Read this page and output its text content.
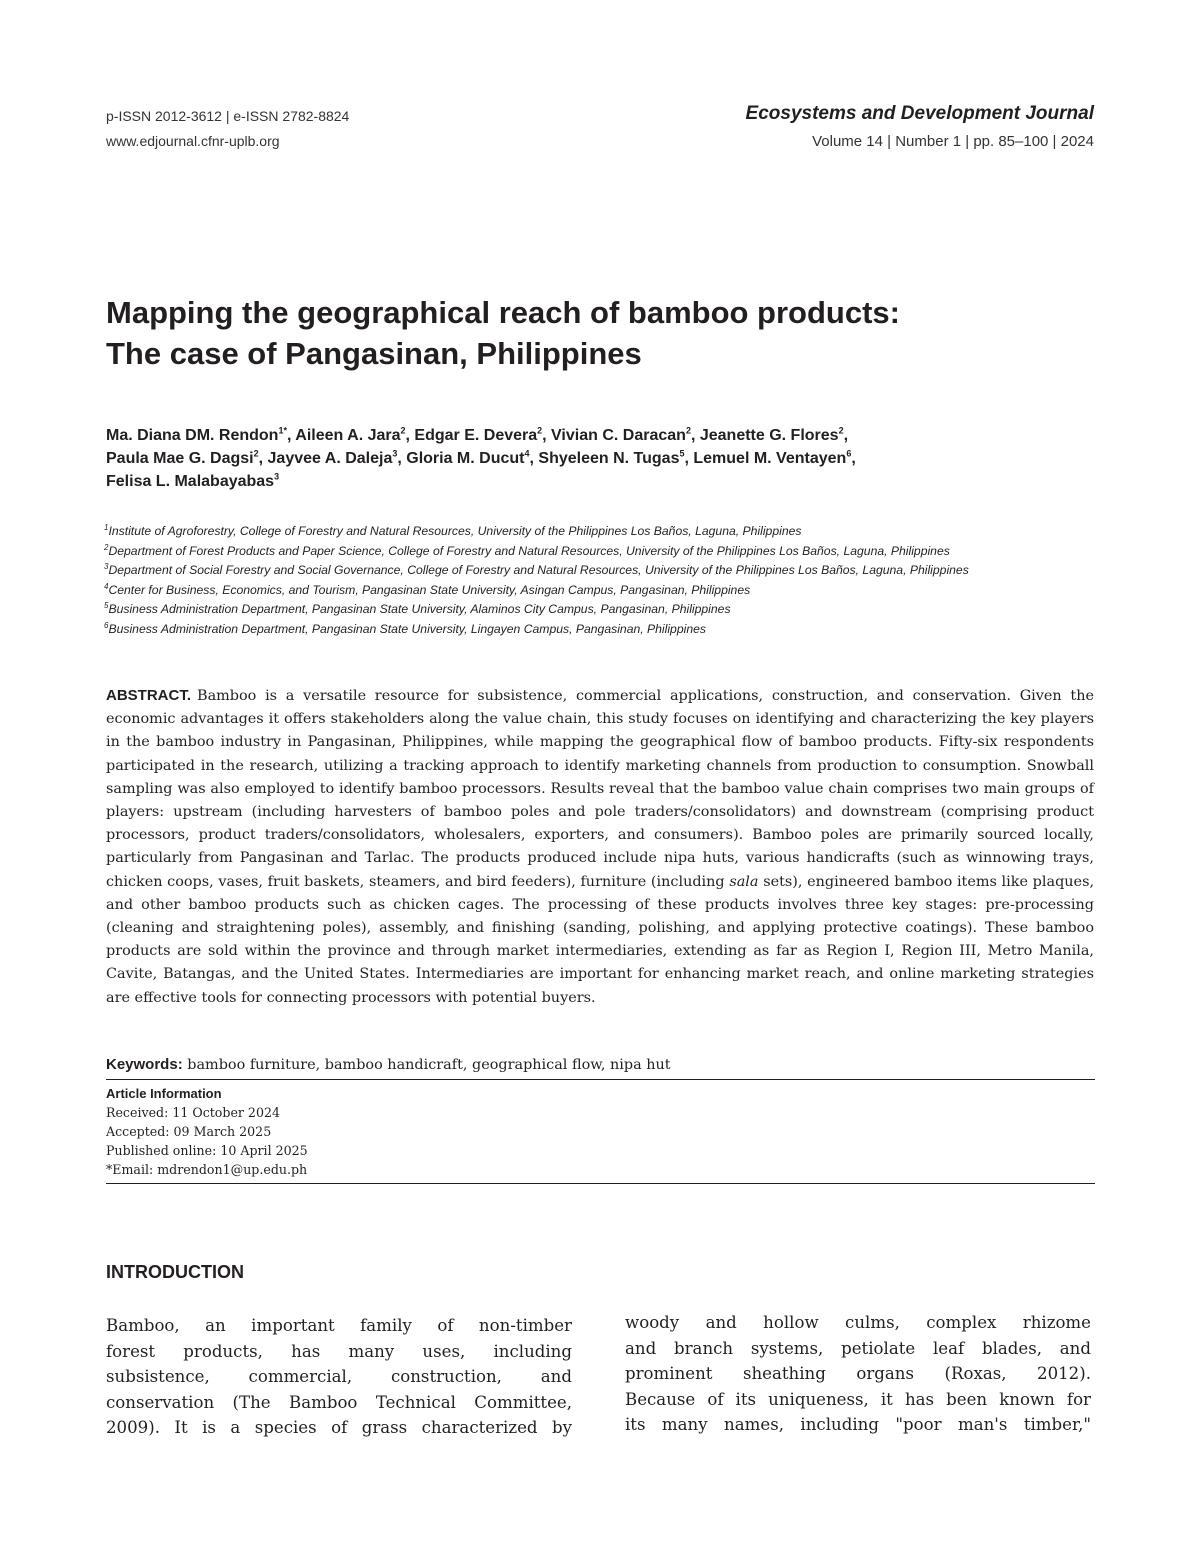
p-ISSN 2012-3612 | e-ISSN 2782-8824
www.edjournal.cfnr-uplb.org
Ecosystems and Development Journal
Volume 14 | Number 1 | pp. 85–100 | 2024
Mapping the geographical reach of bamboo products:
The case of Pangasinan, Philippines
Ma. Diana DM. Rendon$^{1*}$, Aileen A. Jara$^2$, Edgar E. Devera$^2$, Vivian C. Daracan$^2$, Jeanette G. Flores$^2$,
Paula Mae G. Dagsi$^2$, Jayvee A. Daleja$^3$, Gloria M. Ducut$^4$, Shyeleen N. Tugas$^5$, Lemuel M. Ventayen$^6$,
Felisa L. Malabayabas$^3$
$^1$Institute of Agroforestry, College of Forestry and Natural Resources, University of the Philippines Los Baños, Laguna, Philippines
$^2$Department of Forest Products and Paper Science, College of Forestry and Natural Resources, University of the Philippines Los Baños, Laguna, Philippines
$^3$Department of Social Forestry and Social Governance, College of Forestry and Natural Resources, University of the Philippines Los Baños, Laguna, Philippines
$^4$Center for Business, Economics, and Tourism, Pangasinan State University, Asingan Campus, Pangasinan, Philippines
$^5$Business Administration Department, Pangasinan State University, Alaminos City Campus, Pangasinan, Philippines
$^6$Business Administration Department, Pangasinan State University, Lingayen Campus, Pangasinan, Philippines

ABSTRACT. Bamboo is a versatile resource for subsistence, commercial applications, construction, and conservation. Given the economic advantages it offers stakeholders along the value chain, this study focuses on identifying and characterizing the key players in the bamboo industry in Pangasinan, Philippines, while mapping the geographical flow of bamboo products. Fifty-six respondents participated in the research, utilizing a tracking approach to identify marketing channels from production to consumption. Snowball sampling was also employed to identify bamboo processors. Results reveal that the bamboo value chain comprises two main groups of players: upstream (including harvesters of bamboo poles and pole traders/consolidators) and downstream (comprising product processors, product traders/consolidators, wholesalers, exporters, and consumers). Bamboo poles are primarily sourced locally, particularly from Pangasinan and Tarlac. The products produced include nipa huts, various handicrafts (such as winnowing trays, chicken coops, vases, fruit baskets, steamers, and bird feeders), furniture (including sala sets), engineered bamboo items like plaques, and other bamboo products such as chicken cages. The processing of these products involves three key stages: pre-processing (cleaning and straightening poles), assembly, and finishing (sanding, polishing, and applying protective coatings). These bamboo products are sold within the province and through market intermediaries, extending as far as Region I, Region III, Metro Manila, Cavite, Batangas, and the United States. Intermediaries are important for enhancing market reach, and online marketing strategies are effective tools for connecting processors with potential buyers.

Keywords: bamboo furniture, bamboo handicraft, geographical flow, nipa hut
Article Information
Received: 11 October 2024
Accepted: 09 March 2025
Published online: 10 April 2025
*Email: mdrendon1@up.edu.ph
INTRODUCTION
Bamboo, an important family of non-timber
forest products, has many uses, including
subsistence, commercial, construction, and
conservation (The Bamboo Technical Committee,
2009). It is a species of grass characterized by
woody and hollow culms, complex rhizome
and branch systems, petiolate leaf blades, and
prominent sheathing organs (Roxas, 2012).
Because of its uniqueness, it has been known for
its many names, including "poor man's timber,"
